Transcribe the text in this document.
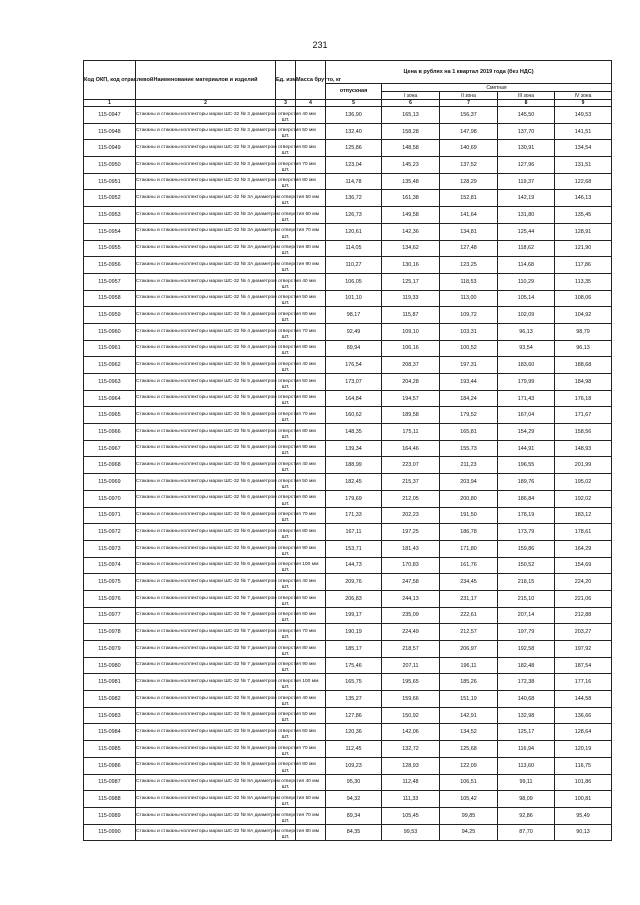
231
Код ОКП, код отраслевой	Наименование материалов и изделий	Ед. изм.	Масса брутто, кг	Цена в рублях на 1 квартал 2019 года (без НДС)				
				отпускная	Сметная			
					I зона	II зона	III зона	IV зона
1	2	3	4	5	6	7	8	9
115-0947	Стаканы и стаканы-коллекторы марки ШС-32 № 3 диаметром отверстия 40 мм	шт.		136,90	165,13	156,37	145,50	149,53
115-0948	Стаканы и стаканы-коллекторы марки ШС-32 № 3 диаметром отверстия 50 мм	шт.		132,40	158,28	147,98	137,70	141,51
115-0949	Стаканы и стаканы-коллекторы марки ШС-32 № 3 диаметром отверстия 60 мм	шт.		125,86	148,58	140,69	130,91	134,54
115-0950	Стаканы и стаканы-коллекторы марки ШС-32 № 3 диаметром отверстия 70 мм	шт.		123,04	145,23	137,52	127,96	131,51
115-0951	Стаканы и стаканы-коллекторы марки ШС-32 № 3 диаметром отверстия 80 мм	шт.		114,78	135,48	128,29	119,37	122,68
115-0952	Стаканы и стаканы-коллекторы марки ШС-32 № 3А диаметром отверстия 50 мм	шт.		136,72	161,38	152,81	142,19	146,13
115-0953	Стаканы и стаканы-коллекторы марки ШС-32 № 3А диаметром отверстия 60 мм	шт.		126,73	149,58	141,64	131,80	135,45
115-0954	Стаканы и стаканы-коллекторы марки ШС-32 № 3А диаметром отверстия 70 мм	шт.		120,61	142,36	134,81	125,44	128,91
115-0955	Стаканы и стаканы-коллекторы марки ШС-32 № 3А диаметром отверстия 80 мм	шт.		114,05	134,62	127,48	118,62	121,90
115-0956	Стаканы и стаканы-коллекторы марки ШС-32 № 3А диаметром отверстия 90 мм	шт.		110,27	130,16	123,25	114,68	117,86
115-0957	Стаканы и стаканы-коллекторы марки ШС-32 № 4 диаметром отверстия 40 мм	шт.		106,05	125,17	118,53	110,29	113,35
115-0958	Стаканы и стаканы-коллекторы марки ШС-32 № 4 диаметром отверстия 50 мм	шт.		101,10	119,33	113,00	105,14	108,06
115-0959	Стаканы и стаканы-коллекторы марки ШС-32 № 4 диаметром отверстия 60 мм	шт.		98,17	115,87	109,72	102,09	104,92
115-0960	Стаканы и стаканы-коллекторы марки ШС-32 № 4 диаметром отверстия 70 мм	шт.		92,49	109,10	103,31	96,13	98,79
115-0961	Стаканы и стаканы-коллекторы марки ШС-32 № 4 диаметром отверстия 80 мм	шт.		89,94	106,16	100,52	93,54	96,13
115-0962	Стаканы и стаканы-коллекторы марки ШС-32 № 5 диаметром отверстия 40 мм	шт.		176,54	208,37	197,31	183,60	188,68
115-0963	Стаканы и стаканы-коллекторы марки ШС-32 № 5 диаметром отверстия 50 мм	шт.		173,07	204,28	193,44	179,99	184,98
115-0964	Стаканы и стаканы-коллекторы марки ШС-32 № 5 диаметром отверстия 60 мм	шт.		164,84	194,57	184,24	171,43	176,18
115-0965	Стаканы и стаканы-коллекторы марки ШС-32 № 5 диаметром отверстия 70 мм	шт.		160,62	189,58	179,52	167,04	171,67
115-0966	Стаканы и стаканы-коллекторы марки ШС-32 № 5 диаметром отверстия 80 мм	шт.		148,35	175,11	165,81	154,29	158,56
115-0967	Стаканы и стаканы-коллекторы марки ШС-32 № 5 диаметром отверстия 90 мм	шт.		139,34	164,46	155,73	144,91	148,93
115-0968	Стаканы и стаканы-коллекторы марки ШС-32 № 6 диаметром отверстия 40 мм	шт.		188,99	223,07	211,23	196,55	201,99
115-0969	Стаканы и стаканы-коллекторы марки ШС-32 № 6 диаметром отверстия 50 мм	шт.		182,45	215,37	203,94	189,76	195,02
115-0970	Стаканы и стаканы-коллекторы марки ШС-32 № 6 диаметром отверстия 60 мм	шт.		179,69	212,05	200,80	186,84	192,02
115-0971	Стаканы и стаканы-коллекторы марки ШС-32 № 6 диаметром отверстия 70 мм	шт.		171,33	202,23	191,50	178,19	183,12
115-0972	Стаканы и стаканы-коллекторы марки ШС-32 № 6 диаметром отверстия 80 мм	шт.		167,11	197,25	186,78	173,79	178,61
115-0973	Стаканы и стаканы-коллекторы марки ШС-32 № 6 диаметром отверстия 90 мм	шт.		153,71	181,43	171,80	159,86	164,29
115-0974	Стаканы и стаканы-коллекторы марки ШС-32 № 6 диаметром отверстия 100 мм	шт.		144,73	170,83	161,76	150,52	154,69
115-0975	Стаканы и стаканы-коллекторы марки ШС-32 № 7 диаметром отверстия 40 мм	шт.		209,76	247,58	234,45	218,15	224,20
115-0976	Стаканы и стаканы-коллекторы марки ШС-32 № 7 диаметром отверстия 50 мм	шт.		206,83	244,13	231,17	215,10	221,06
115-0977	Стаканы и стаканы-коллекторы марки ШС-32 № 7 диаметром отверстия 60 мм	шт.		199,17	235,09	222,61	207,14	212,88
115-0978	Стаканы и стаканы-коллекторы марки ШС-32 № 7 диаметром отверстия 70 мм	шт.		190,19	224,49	212,57	197,79	203,27
115-0979	Стаканы и стаканы-коллекторы марки ШС-32 № 7 диаметром отверстия 80 мм	шт.		185,17	218,57	206,97	192,58	197,92
115-0980	Стаканы и стаканы-коллекторы марки ШС-32 № 7 диаметром отверстия 90 мм	шт.		175,46	207,11	196,11	182,48	187,54
115-0981	Стаканы и стаканы-коллекторы марки ШС-32 № 7 диаметром отверстия 100 мм	шт.		165,75	195,65	185,26	172,38	177,16
115-0982	Стаканы и стаканы-коллекторы марки ШС-32 № 8 диаметром отверстия 40 мм	шт.		135,27	159,66	151,19	140,68	144,58
115-0983	Стаканы и стаканы-коллекторы марки ШС-32 № 8 диаметром отверстия 50 мм	шт.		127,86	150,92	142,91	132,98	136,66
115-0984	Стаканы и стаканы-коллекторы марки ШС-32 № 8 диаметром отверстия 60 мм	шт.		120,36	142,06	134,52	125,17	128,64
115-0985	Стаканы и стаканы-коллекторы марки ШС-32 № 8 диаметром отверстия 70 мм	шт.		112,45	132,72	125,68	116,94	120,19
115-0986	Стаканы и стаканы-коллекторы марки ШС-32 № 8 диаметром отверстия 80 мм	шт.		109,23	128,93	122,09	113,60	116,75
115-0987	Стаканы и стаканы-коллекторы марки ШС-32 № 8А диаметром отверстия 40 мм	шт.		95,30	112,48	106,51	99,11	101,86
115-0988	Стаканы и стаканы-коллекторы марки ШС-32 № 8А диаметром отверстия 50 мм	шт.		94,32	111,33	105,42	98,09	100,81
115-0989	Стаканы и стаканы-коллекторы марки ШС-32 № 8А диаметром отверстия 70 мм	шт.		89,34	105,45	99,85	92,86	95,49
115-0990	Стаканы и стаканы-коллекторы марки ШС-32 № 8А диаметром отверстия 80 мм	шт.		84,35	99,53	94,25	87,70	90,13
